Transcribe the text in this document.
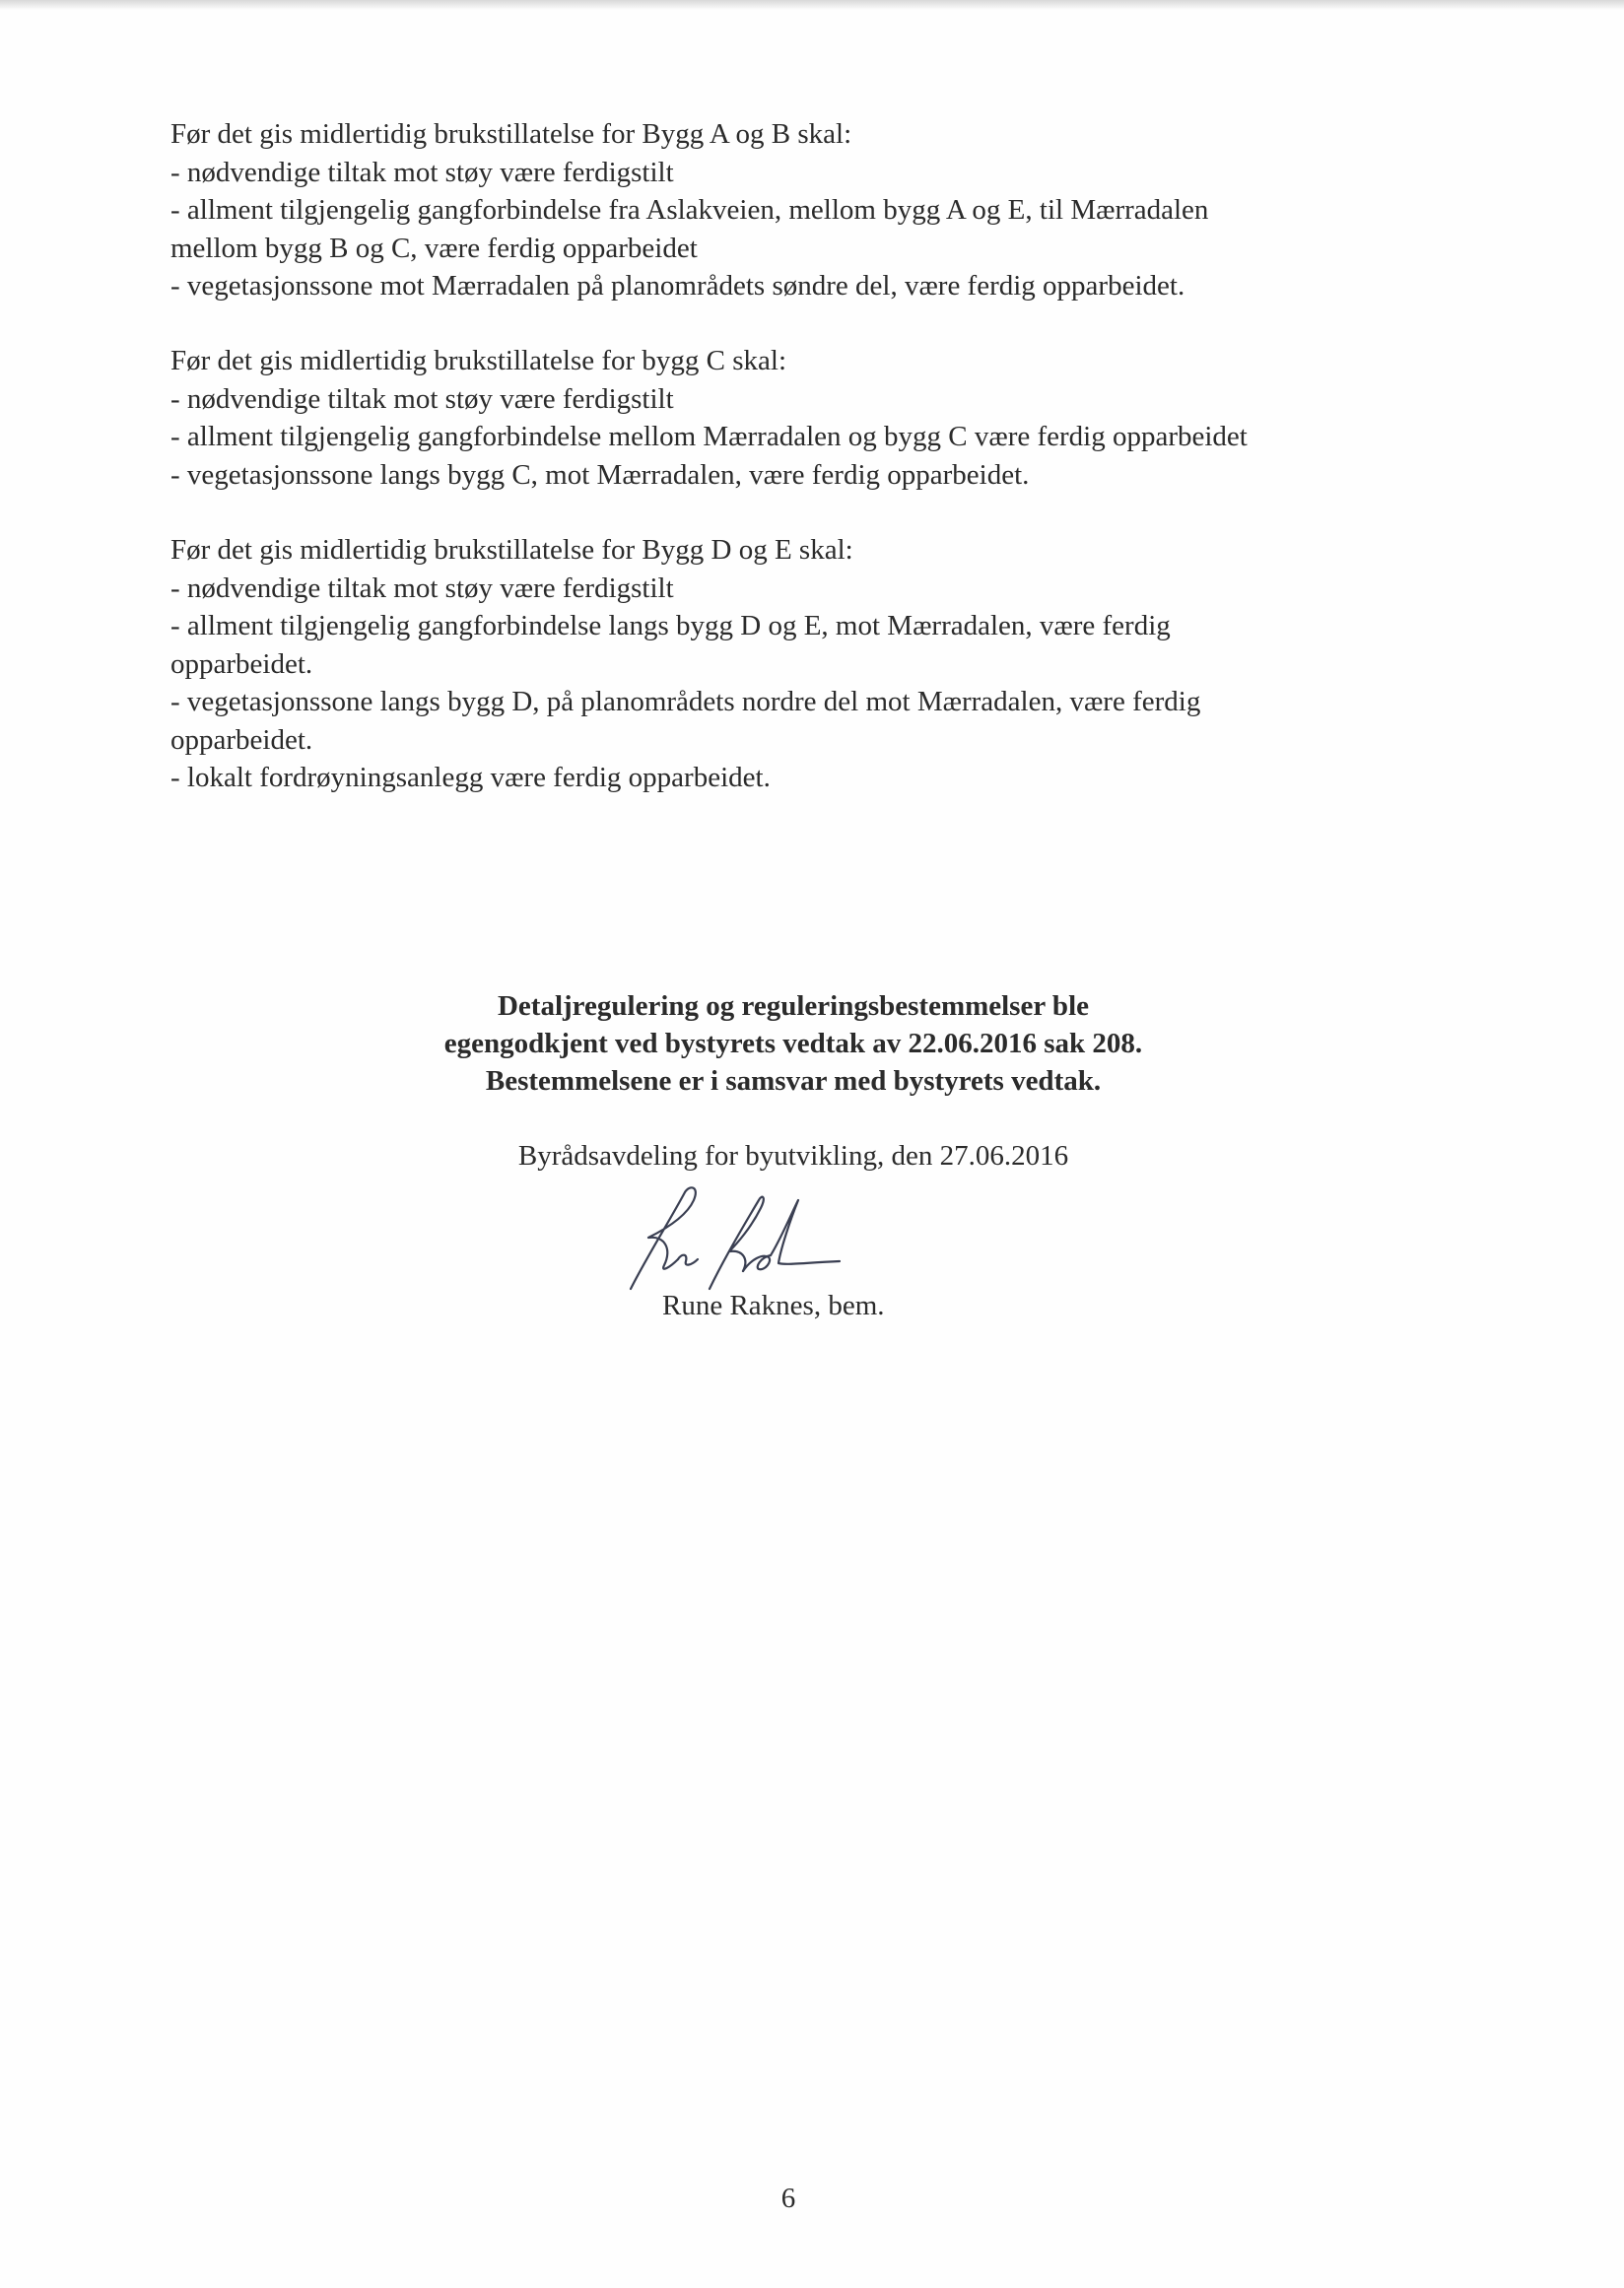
Før det gis midlertidig brukstillatelse for Bygg A og B skal:
- nødvendige tiltak mot støy være ferdigstilt
- allment tilgjengelig gangforbindelse fra Aslakveien, mellom bygg A og E, til Mærradalen
mellom bygg B og C, være ferdig opparbeidet
- vegetasjonssone mot Mærradalen på planområdets søndre del, være ferdig opparbeidet.
Før det gis midlertidig brukstillatelse for bygg C skal:
- nødvendige tiltak mot støy være ferdigstilt
- allment tilgjengelig gangforbindelse mellom Mærradalen og bygg C være ferdig opparbeidet
- vegetasjonssone langs bygg C, mot Mærradalen, være ferdig opparbeidet.
Før det gis midlertidig brukstillatelse for Bygg D og E skal:
- nødvendige tiltak mot støy være ferdigstilt
- allment tilgjengelig gangforbindelse langs bygg D og E, mot Mærradalen, være ferdig
opparbeidet.
- vegetasjonssone langs bygg D, på planområdets nordre del mot Mærradalen, være ferdig
opparbeidet.
- lokalt fordrøyningsanlegg være ferdig opparbeidet.
Detaljregulering og reguleringsbestemmelser ble
egengodkjent ved bystyrets vedtak av 22.06.2016 sak 208.
Bestemmelsene er i samsvar med bystyrets vedtak.
Byrådsavdeling for byutvikling, den 27.06.2016
Rune Raknes, bem.
6
